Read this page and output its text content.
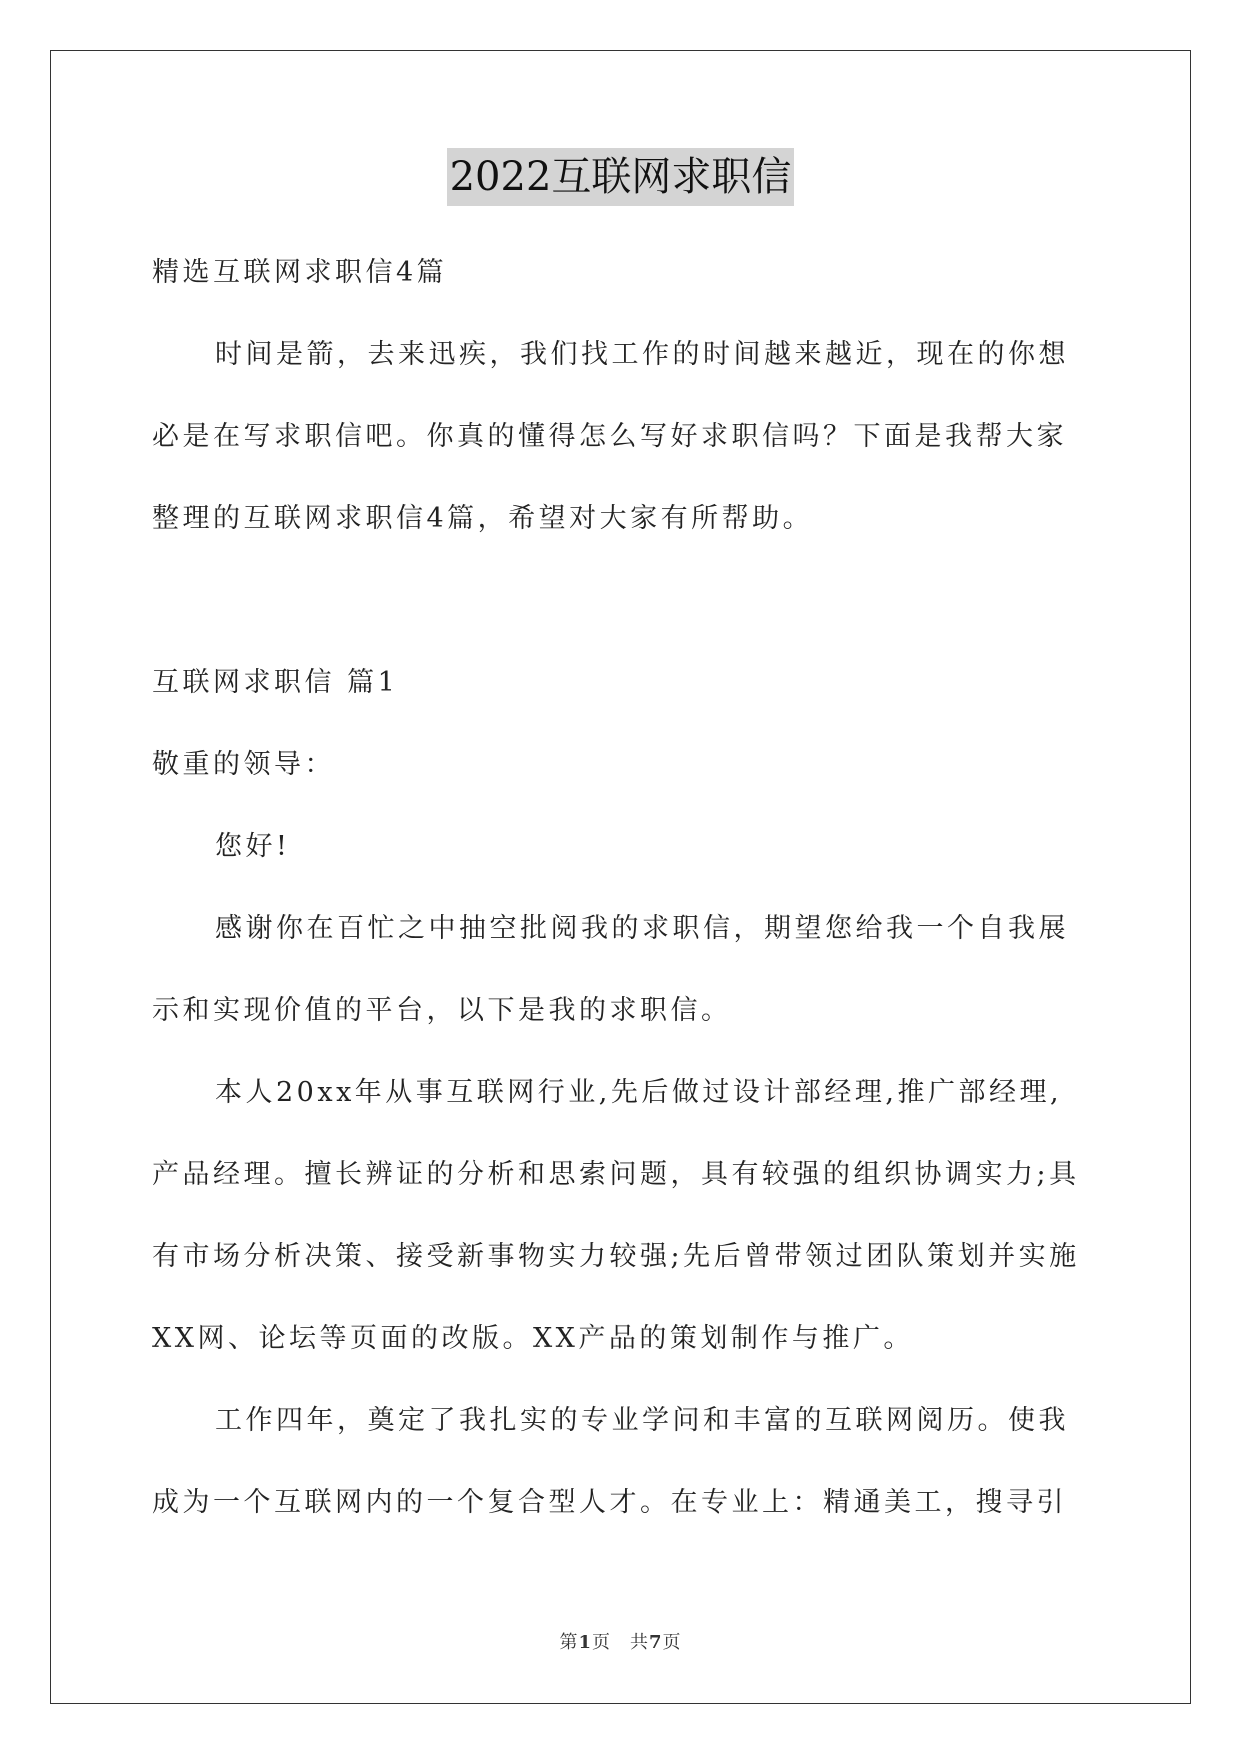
2022互联网求职信

精选互联网求职信4篇

时间是箭，去来迅疾，我们找工作的时间越来越近，现在的你想

必是在写求职信吧。你真的懂得怎么写好求职信吗？下面是我帮大家

整理的互联网求职信4篇，希望对大家有所帮助。

互联网求职信 篇1

敬重的领导：

您好!

感谢你在百忙之中抽空批阅我的求职信，期望您给我一个自我展

示和实现价值的平台，以下是我的求职信。

本人20xx年从事互联网行业,先后做过设计部经理,推广部经理,

产品经理。擅长辨证的分析和思索问题，具有较强的组织协调实力;具

有市场分析决策、接受新事物实力较强;先后曾带领过团队策划并实施

XX网、论坛等页面的改版。XX产品的策划制作与推广。

工作四年，奠定了我扎实的专业学问和丰富的互联网阅历。使我

成为一个互联网内的一个复合型人才。在专业上：精通美工，搜寻引

第1页　共7页
